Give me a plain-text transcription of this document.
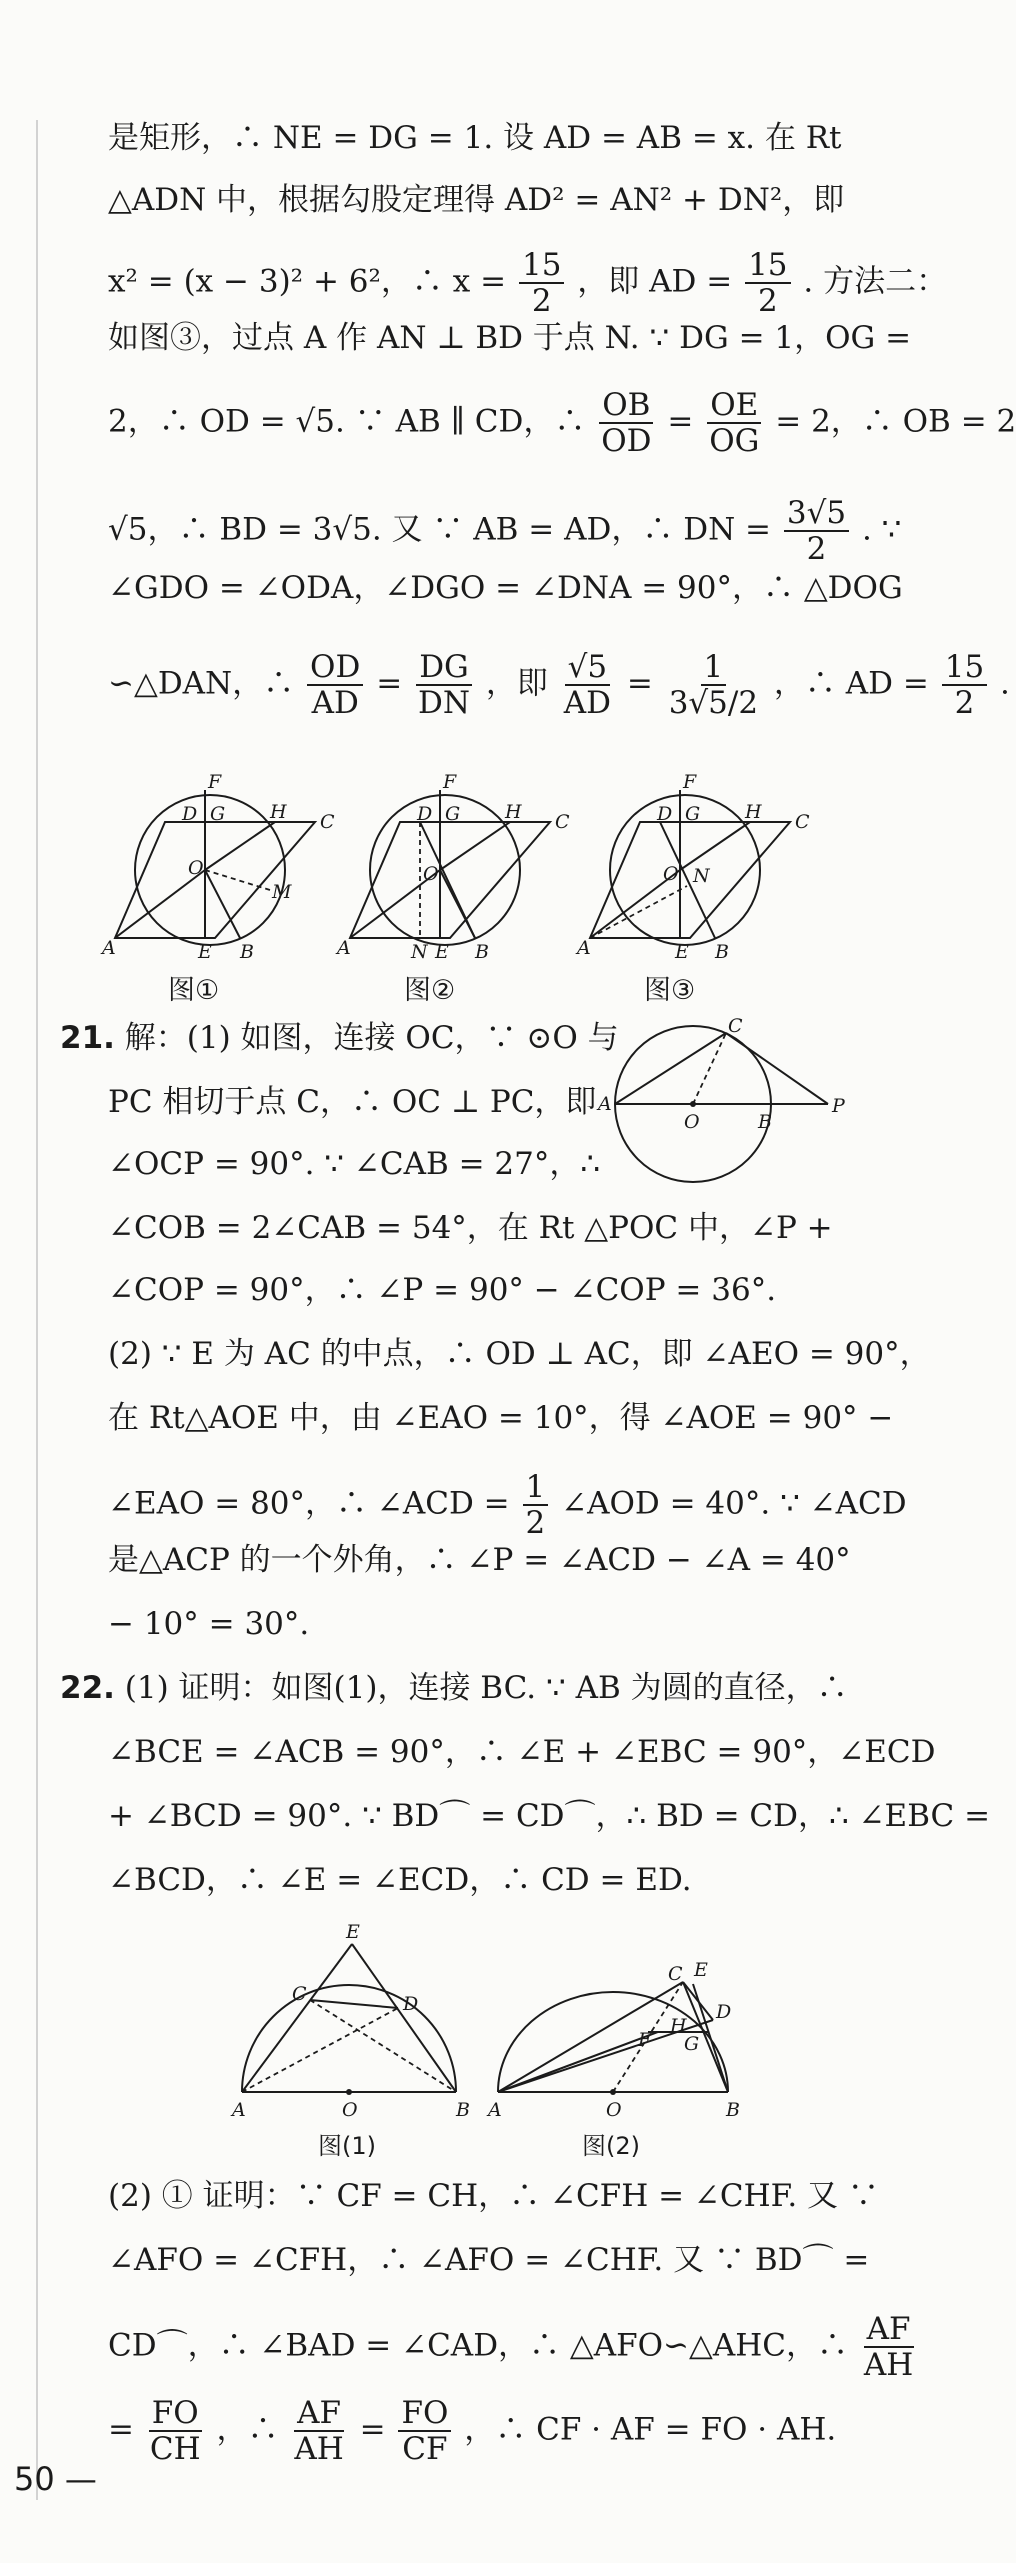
是矩形，∴ NE = DG = 1. 设 AD = AB = x. 在 Rt
△ADN 中，根据勾股定理得 AD² = AN² + DN²，即
x² = (x − 3)² + 6²，∴ $x = \frac{15}{2}$ ，即 AD = $\frac{15}{2}$ . 方法二：
如图③，过点 A 作 AN ⊥ BD 于点 N. ∵ DG = 1，OG =
2，∴ OD = √5. ∵ AB ∥ CD，∴ $\frac{OB}{OD} = \frac{OE}{OG} = 2$，∴ OB = 2
√5，∴ BD = 3√5. 又 ∵ AB = AD，∴ DN = $\frac{3√5}{2}$ . ∵
∠GDO = ∠ODA，∠DGO = ∠DNA = 90°，∴ △DOG
∽△DAN，∴ $\frac{OD}{AD} = \frac{DG}{DN}$ ，即 $\frac{√5}{AD} = \frac{1}{3√5/2}$ ，∴ AD = $\frac{15}{2}$ .
F
D G H C
O
M
A	E B
F
D G H C
O
A	N E B
F
D G H C
O N
A	E B
图①	图②	图③
21. 解：(1) 如图，连接 OC，∵ ⊙O 与
PC 相切于点 C，∴ OC ⊥ PC，即
∠OCP = 90°. ∵ ∠CAB = 27°，∴
A
C
O	B
P
∠COB = 2∠CAB = 54°，在 Rt △POC 中，∠P +
∠COP = 90°，∴ ∠P = 90° − ∠COP = 36°.
(2) ∵ E 为 AC 的中点，∴ OD ⊥ AC，即 ∠AEO = 90°，
在 Rt△AOE 中，由 ∠EAO = 10°，得 ∠AOE = 90° −
∠EAO = 80°，∴ ∠ACD = $\frac{1}{2}$ ∠AOD = 40°. ∵ ∠ACD
是△ACP 的一个外角，∴ ∠P = ∠ACD − ∠A = 40°
− 10° = 30°.
22. (1) 证明：如图(1)，连接 BC. ∵ AB 为圆的直径，∴
∠BCE = ∠ACB = 90°，∴ ∠E + ∠EBC = 90°，∠ECD
+ ∠BCD = 90°. ∵ BD⌒ = CD⌒，∴ BD = CD，∴ ∠EBC =
∠BCD，∴ ∠E = ∠ECD，∴ CD = ED.
E
C	D
A	O	B
C E
D
F
H
G
A	O	B
图(1)	图(2)
(2) ① 证明：∵ CF = CH，∴ ∠CFH = ∠CHF. 又 ∵
∠AFO = ∠CFH，∴ ∠AFO = ∠CHF. 又 ∵ BD⌒ =
CD⌒，∴ ∠BAD = ∠CAD，∴ △AFO∽△AHC，∴ $\frac{AF}{AH}$
= $\frac{FO}{CH}$ ，∴ $\frac{AF}{AH} = \frac{FO}{CF}$ ，∴ CF · AF = FO · AH.
50 —
